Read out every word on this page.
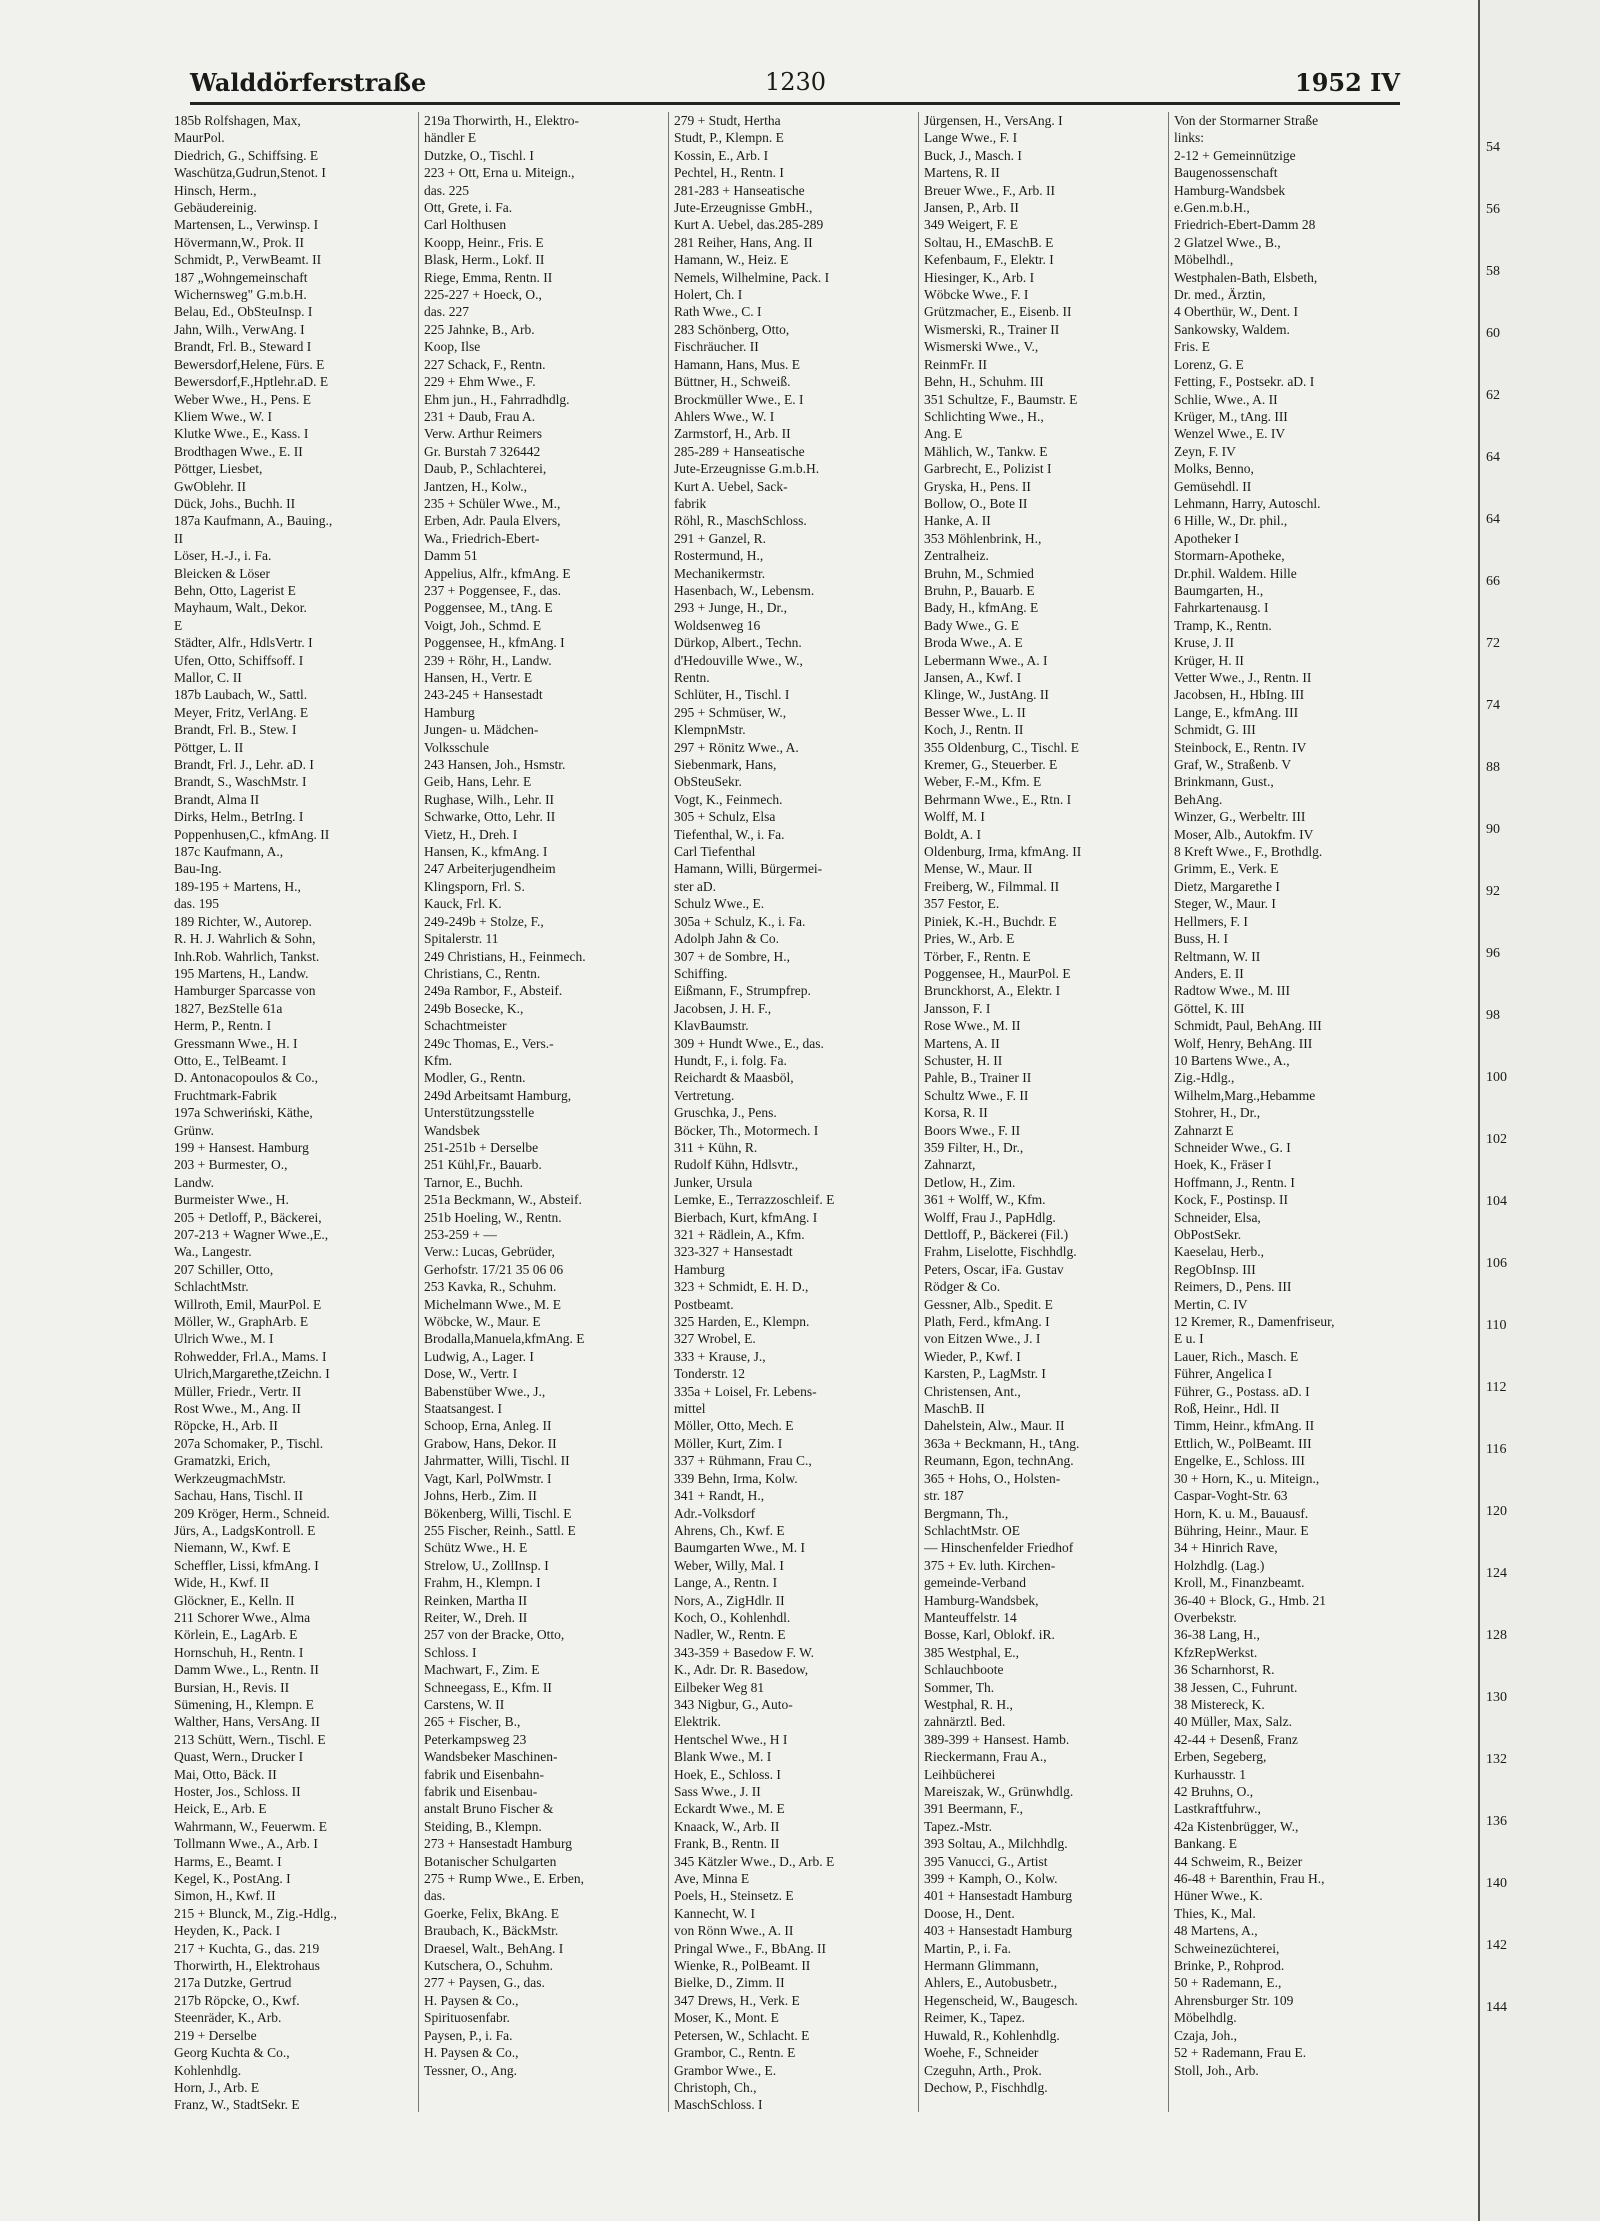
Walddörferstraße	1230	1952 IV
185b Rolfshagen, Max,
MaurPol.
Diedrich, G., Schiffsing. E
Waschütza,Gudrun,Stenot. I
Hinsch, Herm.,
Gebäudereinig.
Martensen, L., Verwinsp. I
Hövermann,W., Prok. II
Schmidt, P., VerwBeamt. II
187 „Wohngemeinschaft
Wichernsweg" G.m.b.H.
Belau, Ed., ObSteuInsp. I
Jahn, Wilh., VerwAng. I
Brandt, Frl. B., Steward I
Bewersdorf,Helene, Fürs. E
Bewersdorf,F.,Hptlehr.aD. E
Weber Wwe., H., Pens. E
Kliem Wwe., W. I
Klutke Wwe., E., Kass. I
Brodthagen Wwe., E. II
Pöttger, Liesbet,
GwOblehr. II
Dück, Johs., Buchh. II
187a Kaufmann, A., Bauing.,
II
Löser, H.-J., i. Fa.
Bleicken & Löser
Behn, Otto, Lagerist E
Mayhaum, Walt., Dekor.
E
Städter, Alfr., HdlsVertr. I
Ufen, Otto, Schiffsoff. I
Mallor, C. II
187b Laubach, W., Sattl.
Meyer, Fritz, VerlAng. E
Brandt, Frl. B., Stew. I
Pöttger, L. II
Brandt, Frl. J., Lehr. aD. I
Brandt, S., WaschMstr. I
Brandt, Alma II
Dirks, Helm., BetrIng. I
Poppenhusen,C., kfmAng. II
187c Kaufmann, A.,
Bau-Ing.
189-195 + Martens, H.,
das. 195
189 Richter, W., Autorep.
R. H. J. Wahrlich & Sohn,
Inh.Rob. Wahrlich, Tankst.
195 Martens, H., Landw.
Hamburger Sparcasse von
1827, BezStelle 61a
Herm, P., Rentn. I
Gressmann Wwe., H. I
Otto, E., TelBeamt. I
D. Antonacopoulos & Co.,
Fruchtmark-Fabrik
197a Schweriński, Käthe,
Grünw.
199 + Hansest. Hamburg
203 + Burmester, O.,
Landw.
Burmeister Wwe., H.
205 + Detloff, P., Bäckerei,
207-213 + Wagner Wwe.,E.,
Wa., Langestr.
207 Schiller, Otto,
SchlachtMstr.
Willroth, Emil, MaurPol. E
Möller, W., GraphArb. E
Ulrich Wwe., M. I
Rohwedder, Frl.A., Mams. I
Ulrich,Margarethe,tZeichn. I
Müller, Friedr., Vertr. II
Rost Wwe., M., Ang. II
Röpcke, H., Arb. II
207a Schomaker, P., Tischl.
Gramatzki, Erich,
WerkzeugmachMstr.
Sachau, Hans, Tischl. II
209 Kröger, Herm., Schneid.
Jürs, A., LadgsKontroll. E
Niemann, W., Kwf. E
Scheffler, Lissi, kfmAng. I
Wide, H., Kwf. II
Glöckner, E., Kelln. II
211 Schorer Wwe., Alma
Körlein, E., LagArb. E
Hornschuh, H., Rentn. I
Damm Wwe., L., Rentn. II
Bursian, H., Revis. II
Sümening, H., Klempn. E
Walther, Hans, VersAng. II
213 Schütt, Wern., Tischl. E
Quast, Wern., Drucker I
Mai, Otto, Bäck. II
Hoster, Jos., Schloss. II
Heick, E., Arb. E
Wahrmann, W., Feuerwm. E
Tollmann Wwe., A., Arb. I
Harms, E., Beamt. I
Kegel, K., PostAng. I
Simon, H., Kwf. II
215 + Blunck, M., Zig.-Hdlg.,
Heyden, K., Pack. I
217 + Kuchta, G., das. 219
Thorwirth, H., Elektrohaus
217a Dutzke, Gertrud
217b Röpcke, O., Kwf.
Steenräder, K., Arb.
219 + Derselbe
Georg Kuchta & Co.,
Kohlenhdlg.
Horn, J., Arb. E
Franz, W., StadtSekr. E
219a Thorwirth, H., Elektro-
händler E
Dutzke, O., Tischl. I
223 + Ott, Erna u. Miteign.,
das. 225
Ott, Grete, i. Fa.
Carl Holthusen
Koopp, Heinr., Fris. E
Blask, Herm., Lokf. II
Riege, Emma, Rentn. II
225-227 + Hoeck, O.,
das. 227
225 Jahnke, B., Arb.
Koop, Ilse
227 Schack, F., Rentn.
229 + Ehm Wwe., F.
Ehm jun., H., Fahrradhdlg.
231 + Daub, Frau A.
Verw. Arthur Reimers
Gr. Burstah 7 326442
Daub, P., Schlachterei,
Jantzen, H., Kolw.,
235 + Schüler Wwe., M.,
Erben, Adr. Paula Elvers,
Wa., Friedrich-Ebert-
Damm 51
Appelius, Alfr., kfmAng. E
237 + Poggensee, F., das.
Poggensee, M., tAng. E
Voigt, Joh., Schmd. E
Poggensee, H., kfmAng. I
239 + Röhr, H., Landw.
Hansen, H., Vertr. E
243-245 + Hansestadt
Hamburg
Jungen- u. Mädchen-
Volksschule
243 Hansen, Joh., Hsmstr.
Geib, Hans, Lehr. E
Rughase, Wilh., Lehr. II
Schwarke, Otto, Lehr. II
Vietz, H., Dreh. I
Hansen, K., kfmAng. I
247 Arbeiterjugendheim
Klingsporn, Frl. S.
Kauck, Frl. K.
249-249b + Stolze, F.,
Spitalerstr. 11
249 Christians, H., Feinmech.
Christians, C., Rentn.
249a Rambor, F., Absteif.
249b Bosecke, K.,
Schachtmeister
249c Thomas, E., Vers.-
Kfm.
Modler, G., Rentn.
249d Arbeitsamt Hamburg,
Unterstützungsstelle
Wandsbek
251-251b + Derselbe
251 Kühl,Fr., Bauarb.
Tarnor, E., Buchh.
251a Beckmann, W., Absteif.
251b Hoeling, W., Rentn.
253-259 + —
Verw.: Lucas, Gebrüder,
Gerhofstr. 17/21 35 06 06
253 Kavka, R., Schuhm.
Michelmann Wwe., M. E
Wöbcke, W., Maur. E
Brodalla,Manuela,kfmAng. E
Ludwig, A., Lager. I
Dose, W., Vertr. I
Babenstüber Wwe., J.,
Staatsangest. I
Schoop, Erna, Anleg. II
Grabow, Hans, Dekor. II
Jahrmatter, Willi, Tischl. II
Vagt, Karl, PolWmstr. I
Johns, Herb., Zim. II
Bökenberg, Willi, Tischl. E
255 Fischer, Reinh., Sattl. E
Schütz Wwe., H. E
Strelow, U., ZollInsp. I
Frahm, H., Klempn. I
Reinken, Martha II
Reiter, W., Dreh. II
257 von der Bracke, Otto,
Schloss. I
Machwart, F., Zim. E
Schneegass, E., Kfm. II
Carstens, W. II
265 + Fischer, B.,
Peterkampsweg 23
Wandsbeker Maschinen-
fabrik und Eisenbahn-
fabrik und Eisenbau-
anstalt Bruno Fischer &
Steiding, B., Klempn.
273 + Hansestadt Hamburg
Botanischer Schulgarten
275 + Rump Wwe., E. Erben,
das.
Goerke, Felix, BkAng. E
Braubach, K., BäckMstr.
Draesel, Walt., BehAng. I
Kutschera, O., Schuhm.
277 + Paysen, G., das.
H. Paysen & Co.,
Spirituosenfabr.
Paysen, P., i. Fa.
H. Paysen & Co.,
Tessner, O., Ang.
279 + Studt, Hertha
Studt, P., Klempn. E
Kossin, E., Arb. I
Pechtel, H., Rentn. I
281-283 + Hanseatische
Jute-Erzeugnisse GmbH.,
Kurt A. Uebel, das.285-289
281 Reiher, Hans, Ang. II
Hamann, W., Heiz. E
Nemels, Wilhelmine, Pack. I
Holert, Ch. I
Rath Wwe., C. I
283 Schönberg, Otto,
Fischräucher. II
Hamann, Hans, Mus. E
Büttner, H., Schweiß.
Brockmüller Wwe., E. I
Ahlers Wwe., W. I
Zarmstorf, H., Arb. II
285-289 + Hanseatische
Jute-Erzeugnisse G.m.b.H.
Kurt A. Uebel, Sack-
fabrik
Röhl, R., MaschSchloss.
291 + Ganzel, R.
Rostermund, H.,
Mechanikermstr.
Hasenbach, W., Lebensm.
293 + Junge, H., Dr.,
Woldsenweg 16
Dürkop, Albert., Techn.
d'Hedouville Wwe., W.,
Rentn.
Schlüter, H., Tischl. I
295 + Schmüser, W.,
KlempnMstr.
297 + Rönitz Wwe., A.
Siebenmark, Hans,
ObSteuSekr.
Vogt, K., Feinmech.
305 + Schulz, Elsa
Tiefenthal, W., i. Fa.
Carl Tiefenthal
Hamann, Willi, Bürgermei-
ster aD.
Schulz Wwe., E.
305a + Schulz, K., i. Fa.
Adolph Jahn & Co.
307 + de Sombre, H.,
Schiffing.
Eißmann, F., Strumpfrep.
Jacobsen, J. H. F.,
KlavBaumstr.
309 + Hundt Wwe., E., das.
Hundt, F., i. folg. Fa.
Reichardt & Maasböl,
Vertretung.
Gruschka, J., Pens.
Böcker, Th., Motormech. I
311 + Kühn, R.
Rudolf Kühn, Hdlsvtr.,
Junker, Ursula
Lemke, E., Terrazzoschleif. E
Bierbach, Kurt, kfmAng. I
321 + Rädlein, A., Kfm.
323-327 + Hansestadt
Hamburg
323 + Schmidt, E. H. D.,
Postbeamt.
325 Harden, E., Klempn.
327 Wrobel, E.
333 + Krause, J.,
Tonderstr. 12
335a + Loisel, Fr. Lebens-
mittel
Möller, Otto, Mech. E
Möller, Kurt, Zim. I
337 + Rühmann, Frau C.,
339 Behn, Irma, Kolw.
341 + Randt, H.,
Adr.-Volksdorf
Ahrens, Ch., Kwf. E
Baumgarten Wwe., M. I
Weber, Willy, Mal. I
Lange, A., Rentn. I
Nors, A., ZigHdlr. II
Koch, O., Kohlenhdl.
Nadler, W., Rentn. E
343-359 + Basedow F. W.
K., Adr. Dr. R. Basedow,
Eilbeker Weg 81
343 Nigbur, G., Auto-
Elektrik.
Hentschel Wwe., H I
Blank Wwe., M. I
Hoek, E., Schloss. I
Sass Wwe., J. II
Eckardt Wwe., M. E
Knaack, W., Arb. II
Frank, B., Rentn. II
345 Kätzler Wwe., D., Arb. E
Ave, Minna E
Poels, H., Steinsetz. E
Kannecht, W. I
von Rönn Wwe., A. II
Pringal Wwe., F., BbAng. II
Wienke, R., PolBeamt. II
Bielke, D., Zimm. II
347 Drews, H., Verk. E
Moser, K., Mont. E
Petersen, W., Schlacht. E
Grambor, C., Rentn. E
Grambor Wwe., E.
Christoph, Ch.,
MaschSchloss. I
Jürgensen, H., VersAng. I
Lange Wwe., F. I
Buck, J., Masch. I
Martens, R. II
Breuer Wwe., F., Arb. II
Jansen, P., Arb. II
349 Weigert, F. E
Soltau, H., EMaschB. E
Kefenbaum, F., Elektr. I
Hiesinger, K., Arb. I
Wöbcke Wwe., F. I
Grützmacher, E., Eisenb. II
Wismerski, R., Trainer II
Wismerski Wwe., V.,
ReinmFr. II
Behn, H., Schuhm. III
351 Schultze, F., Baumstr. E
Schlichting Wwe., H.,
Ang. E
Mählich, W., Tankw. E
Garbrecht, E., Polizist I
Gryska, H., Pens. II
Bollow, O., Bote II
Hanke, A. II
353 Möhlenbrink, H.,
Zentralheiz.
Bruhn, M., Schmied
Bruhn, P., Bauarb. E
Bady, H., kfmAng. E
Bady Wwe., G. E
Broda Wwe., A. E
Lebermann Wwe., A. I
Jansen, A., Kwf. I
Klinge, W., JustAng. II
Besser Wwe., L. II
Koch, J., Rentn. II
355 Oldenburg, C., Tischl. E
Kremer, G., Steuerber. E
Weber, F.-M., Kfm. E
Behrmann Wwe., E., Rtn. I
Wolff, M. I
Boldt, A. I
Oldenburg, Irma, kfmAng. II
Mense, W., Maur. II
Freiberg, W., Filmmal. II
357 Festor, E.
Piniek, K.-H., Buchdr. E
Pries, W., Arb. E
Törber, F., Rentn. E
Poggensee, H., MaurPol. E
Brunckhorst, A., Elektr. I
Jansson, F. I
Rose Wwe., M. II
Martens, A. II
Schuster, H. II
Pahle, B., Trainer II
Schultz Wwe., F. II
Korsa, R. II
Boors Wwe., F. II
359 Filter, H., Dr.,
Zahnarzt,
Detlow, H., Zim.
361 + Wolff, W., Kfm.
Wolff, Frau J., PapHdlg.
Dettloff, P., Bäckerei (Fil.)
Frahm, Liselotte, Fischhdlg.
Peters, Oscar, iFa. Gustav
Rödger & Co.
Gessner, Alb., Spedit. E
Plath, Ferd., kfmAng. I
von Eitzen Wwe., J. I
Wieder, P., Kwf. I
Karsten, P., LagMstr. I
Christensen, Ant.,
MaschB. II
Dahelstein, Alw., Maur. II
363a + Beckmann, H., tAng.
Reumann, Egon, technAng.
365 + Hohs, O., Holsten-
str. 187
Bergmann, Th.,
SchlachtMstr. OE
— Hinschenfelder Friedhof
375 + Ev. luth. Kirchen-
gemeinde-Verband
Hamburg-Wandsbek,
Manteuffelstr. 14
Bosse, Karl, Oblokf. iR.
385 Westphal, E.,
Schlauchboote
Sommer, Th.
Westphal, R. H.,
zahnärztl. Bed.
389-399 + Hansest. Hamb.
Rieckermann, Frau A.,
Leihbücherei
Mareiszak, W., Grünwhdlg.
391 Beermann, F.,
Tapez.-Mstr.
393 Soltau, A., Milchhdlg.
395 Vanucci, G., Artist
399 + Kamph, O., Kolw.
401 + Hansestadt Hamburg
Doose, H., Dent.
403 + Hansestadt Hamburg
Martin, P., i. Fa.
Hermann Glimmann,
Ahlers, E., Autobusbetr.,
Hegenscheid, W., Baugesch.
Reimer, K., Tapez.
Huwald, R., Kohlenhdlg.
Woehe, F., Schneider
Czeguhn, Arth., Prok.
Dechow, P., Fischhdlg.
Von der Stormarner Straße
links:
2-12 + Gemeinnützige
Baugenossenschaft
Hamburg-Wandsbek
e.Gen.m.b.H.,
Friedrich-Ebert-Damm 28
2 Glatzel Wwe., B.,
Möbelhdl.,
Westphalen-Bath, Elsbeth,
Dr. med., Ärztin,
4 Oberthür, W., Dent. I
Sankowsky, Waldem.
Fris. E
Lorenz, G. E
Fetting, F., Postsekr. aD. I
Schlie, Wwe., A. II
Krüger, M., tAng. III
Wenzel Wwe., E. IV
Zeyn, F. IV
Molks, Benno,
Gemüsehdl. II
Lehmann, Harry, Autoschl.
6 Hille, W., Dr. phil.,
Apotheker I
Stormarn-Apotheke,
Dr.phil. Waldem. Hille
Baumgarten, H.,
Fahrkartenausg. I
Tramp, K., Rentn.
Kruse, J. II
Krüger, H. II
Vetter Wwe., J., Rentn. II
Jacobsen, H., HbIng. III
Lange, E., kfmAng. III
Schmidt, G. III
Steinbock, E., Rentn. IV
Graf, W., Straßenb. V
Brinkmann, Gust.,
BehAng.
Winzer, G., Werbeltr. III
Moser, Alb., Autokfm. IV
8 Kreft Wwe., F., Brothdlg.
Grimm, E., Verk. E
Dietz, Margarethe I
Steger, W., Maur. I
Hellmers, F. I
Buss, H. I
Reltmann, W. II
Anders, E. II
Radtow Wwe., M. III
Göttel, K. III
Schmidt, Paul, BehAng. III
Wolf, Henry, BehAng. III
10 Bartens Wwe., A.,
Zig.-Hdlg.,
Wilhelm,Marg.,Hebamme
Stohrer, H., Dr.,
Zahnarzt E
Schneider Wwe., G. I
Hoek, K., Fräser I
Hoffmann, J., Rentn. I
Kock, F., Postinsp. II
Schneider, Elsa,
ObPostSekr.
Kaeselau, Herb.,
RegObInsp. III
Reimers, D., Pens. III
Mertin, C. IV
12 Kremer, R., Damenfriseur,
E u. I
Lauer, Rich., Masch. E
Führer, Angelica I
Führer, G., Postass. aD. I
Roß, Heinr., Hdl. II
Timm, Heinr., kfmAng. II
Ettlich, W., PolBeamt. III
Engelke, E., Schloss. III
30 + Horn, K., u. Miteign.,
Caspar-Voght-Str. 63
Horn, K. u. M., Bauausf.
Bühring, Heinr., Maur. E
34 + Hinrich Rave,
Holzhdlg. (Lag.)
Kroll, M., Finanzbeamt.
36-40 + Block, G., Hmb. 21
Overbekstr.
36-38 Lang, H.,
KfzRepWerkst.
36 Scharnhorst, R.
38 Jessen, C., Fuhrunt.
38 Mistereck, K.
40 Müller, Max, Salz.
42-44 + Desenß, Franz
Erben, Segeberg,
Kurhausstr. 1
42 Bruhns, O.,
Lastkraftfuhrw.,
42a Kistenbrügger, W.,
Bankang. E
44 Schweim, R., Beizer
46-48 + Barenthin, Frau H.,
Hüner Wwe., K.
Thies, K., Mal.
48 Martens, A.,
Schweinezüchterei,
Brinke, P., Rohprod.
50 + Rademann, E.,
Ahrensburger Str. 109
Möbelhdlg.
Czaja, Joh.,
52 + Rademann, Frau E.
Stoll, Joh., Arb.
54
56
58
60
62
64
64
66
72
74
88
90
92
96
98
100
102
104
106
110
112
116
120
124
128
130
132
136
140
142
144
